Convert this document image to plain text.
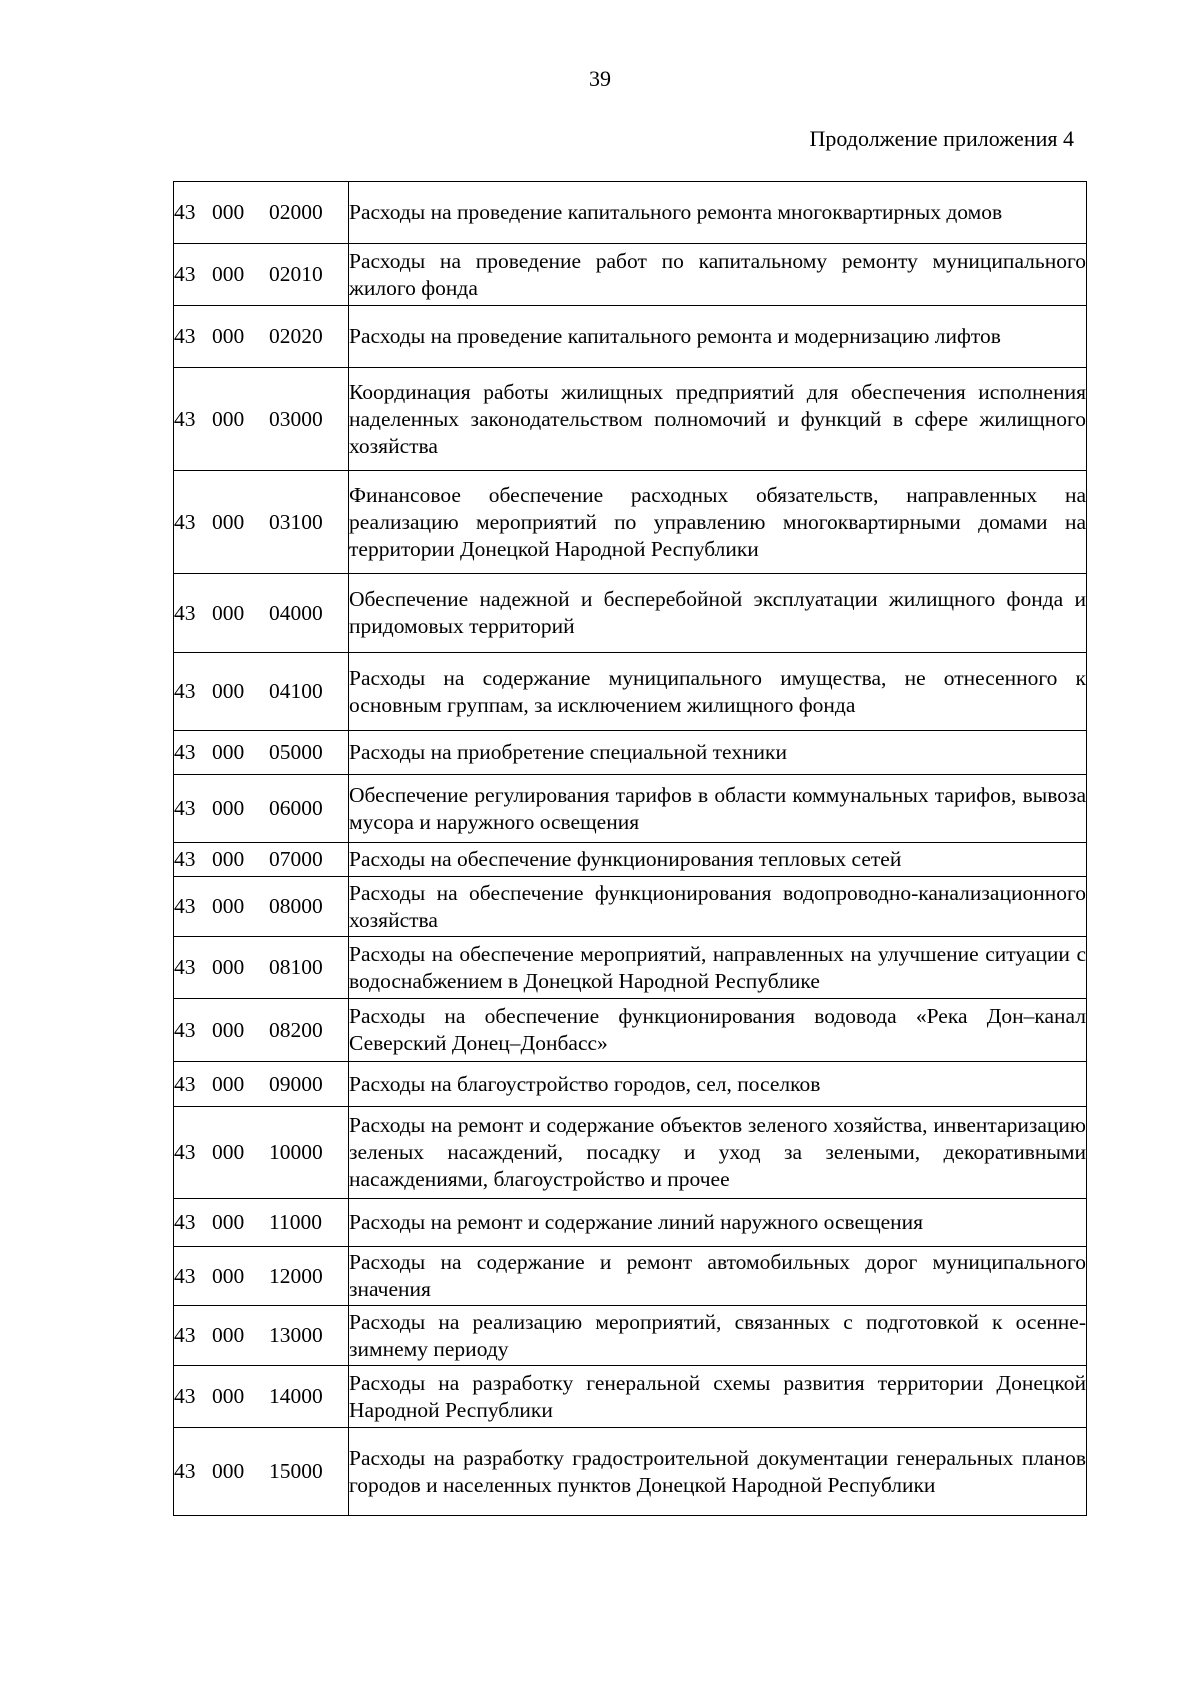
39
Продолжение приложения 4
43 000 02000	Расходы на проведение капитального ремонта многоквартирных домов
43 000 02010	Расходы на проведение работ по капитальному ремонту муниципального жилого фонда
43 000 02020	Расходы на проведение капитального ремонта и модернизацию лифтов
43 000 03000	Координация работы жилищных предприятий для обеспечения исполнения наделенных законодательством полномочий и функций в сфере жилищного хозяйства
43 000 03100	Финансовое обеспечение расходных обязательств, направленных на реализацию мероприятий по управлению многоквартирными домами на территории Донецкой Народной Республики
43 000 04000	Обеспечение надежной и бесперебойной эксплуатации жилищного фонда и придомовых территорий
43 000 04100	Расходы на содержание муниципального имущества, не отнесенного к основным группам, за исключением жилищного фонда
43 000 05000	Расходы на приобретение специальной техники
43 000 06000	Обеспечение регулирования тарифов в области коммунальных тарифов, вывоза мусора и наружного освещения
43 000 07000	Расходы на обеспечение функционирования тепловых сетей
43 000 08000	Расходы на обеспечение функционирования водопроводно-канализационного хозяйства
43 000 08100	Расходы на обеспечение мероприятий, направленных на улучшение ситуации с водоснабжением в Донецкой Народной Республике
43 000 08200	Расходы на обеспечение функционирования водовода «Река Дон–канал Северский Донец–Донбасс»
43 000 09000	Расходы на благоустройство городов, сел, поселков
43 000 10000	Расходы на ремонт и содержание объектов зеленого хозяйства, инвентаризацию зеленых насаждений, посадку и уход за зелеными, декоративными насаждениями, благоустройство и прочее
43 000 11000	Расходы на ремонт и содержание линий наружного освещения
43 000 12000	Расходы на содержание и ремонт автомобильных дорог муниципального значения
43 000 13000	Расходы на реализацию мероприятий, связанных с подготовкой к осенне-зимнему периоду
43 000 14000	Расходы на разработку генеральной схемы развития территории Донецкой Народной Республики
43 000 15000	Расходы на разработку градостроительной документации генеральных планов городов и населенных пунктов Донецкой Народной Республики
